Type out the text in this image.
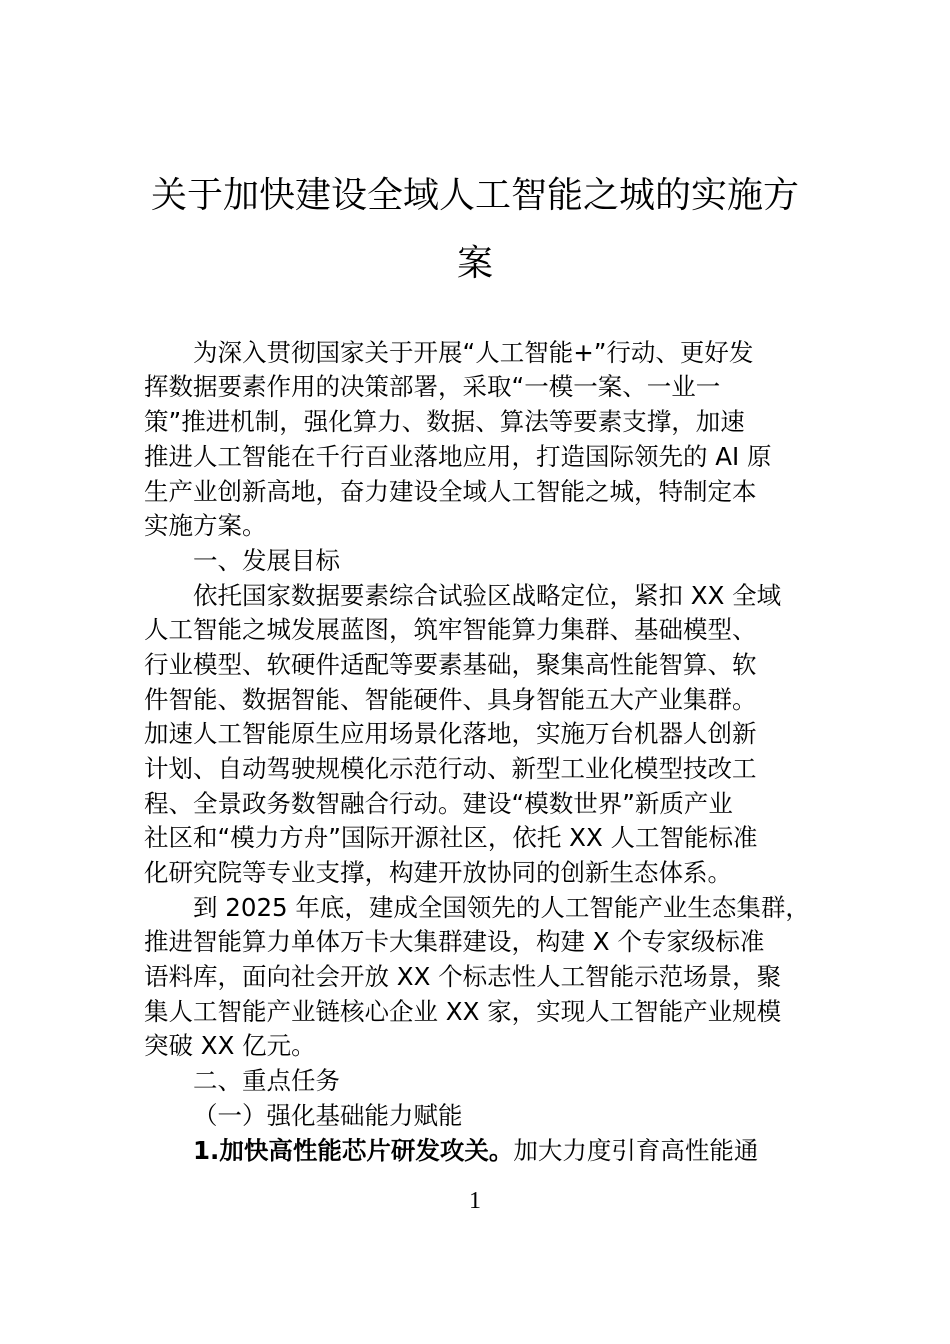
关于加快建设全域人工智能之城的实施方
案
为深入贯彻国家关于开展“人工智能+”行动、更好发
挥数据要素作用的决策部署，采取“一模一案、一业一
策”推进机制，强化算力、数据、算法等要素支撑，加速
推进人工智能在千行百业落地应用，打造国际领先的 AI 原
生产业创新高地，奋力建设全域人工智能之城，特制定本
实施方案。
一、发展目标
依托国家数据要素综合试验区战略定位，紧扣 XX 全域
人工智能之城发展蓝图，筑牢智能算力集群、基础模型、
行业模型、软硬件适配等要素基础，聚集高性能智算、软
件智能、数据智能、智能硬件、具身智能五大产业集群。
加速人工智能原生应用场景化落地，实施万台机器人创新
计划、自动驾驶规模化示范行动、新型工业化模型技改工
程、全景政务数智融合行动。建设“模数世界”新质产业
社区和“模力方舟”国际开源社区，依托 XX 人工智能标准
化研究院等专业支撑，构建开放协同的创新生态体系。
到 2025 年底，建成全国领先的人工智能产业生态集群，
推进智能算力单体万卡大集群建设，构建 X 个专家级标准
语料库，面向社会开放 XX 个标志性人工智能示范场景，聚
集人工智能产业链核心企业 XX 家，实现人工智能产业规模
突破 XX 亿元。
二、重点任务
（一）强化基础能力赋能
1.加快高性能芯片研发攻关。加大力度引育高性能通
1
